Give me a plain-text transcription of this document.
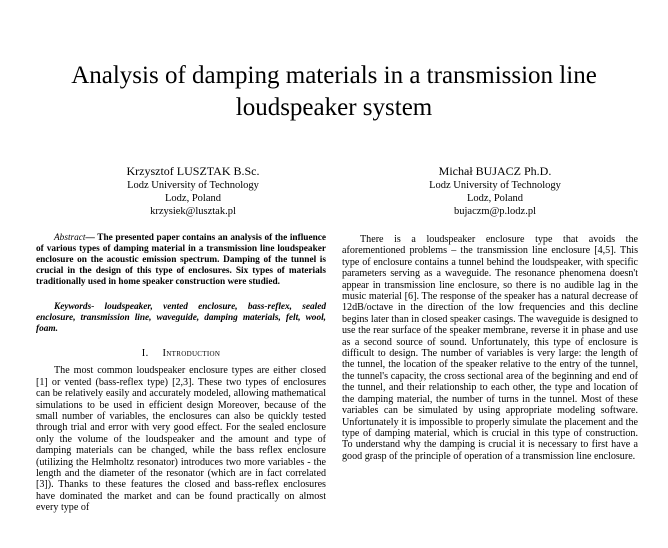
Analysis of damping materials in a transmission line loudspeaker system
Krzysztof LUSZTAK B.Sc.
Lodz University of Technology
Lodz, Poland
krzysiek@lusztak.pl
Michał BUJACZ Ph.D.
Lodz University of Technology
Lodz, Poland
bujaczm@p.lodz.pl

Abstract— The presented paper contains an analysis of the influence of various types of damping material in a transmission line loudspeaker enclosure on the acoustic emission spectrum. Damping of the tunnel is crucial in the design of this type of enclosures. Six types of materials traditionally used in home speaker construction were studied.

Keywords- loudspeaker, vented enclosure, bass-reflex, sealed enclosure, transmission line, waveguide, damping materials, felt, wool, foam.

I. Introduction

The most common loudspeaker enclosure types are either closed [1] or vented (bass-reflex type) [2,3]. These two types of enclosures can be relatively easily and accurately modeled, allowing mathematical simulations to be used in efficient design Moreover, because of the small number of variables, the enclosures can also be quickly tested through trial and error with very good effect. For the sealed enclosure only the volume of the loudspeaker and the amount and type of damping materials can be changed, while the bass reflex enclosure (utilizing the Helmholtz resonator) introduces two more variables - the length and the diameter of the resonator (which are in fact correlated [3]). Thanks to these features the closed and bass-reflex enclosures have dominated the market and can be found practically on almost every type of

There is a loudspeaker enclosure type that avoids the aforementioned problems – the transmission line enclosure [4,5]. This type of enclosure contains a tunnel behind the loudspeaker, with specific parameters serving as a waveguide. The resonance phenomena doesn't appear in transmission line enclosure, so there is no audible lag in the music material [6]. The response of the speaker has a natural decrease of 12dB/octave in the direction of the low frequencies and this decline begins later than in closed speaker casings. The waveguide is designed to use the rear surface of the speaker membrane, reverse it in phase and use as a second source of sound. Unfortunately, this type of enclosure is difficult to design. The number of variables is very large: the length of the tunnel, the location of the speaker relative to the entry of the tunnel, the tunnel's capacity, the cross sectional area of the beginning and end of the tunnel, and their relationship to each other, the type and location of the damping material, the number of turns in the tunnel. Most of these variables can be simulated by using appropriate modeling software. Unfortunately it is impossible to properly simulate the placement and the type of damping material, which is crucial in this type of construction. To understand why the damping is crucial it is necessary to first have a good grasp of the principle of operation of a transmission line enclosure.
